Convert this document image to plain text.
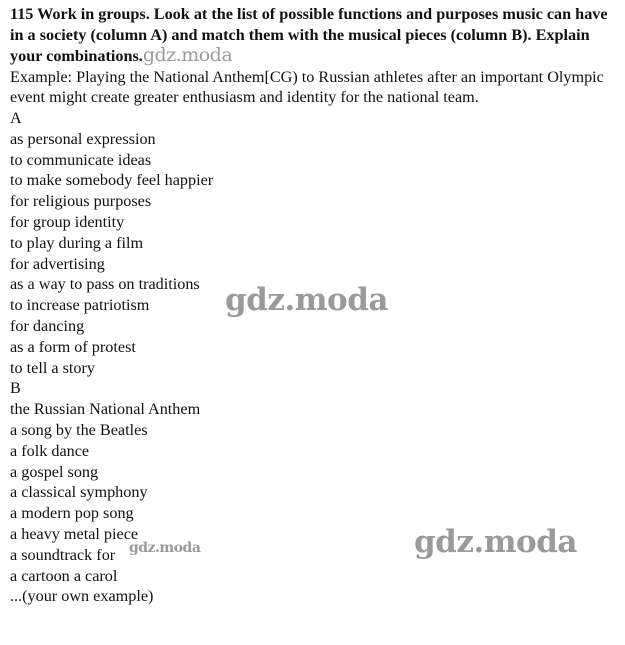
115 Work in groups. Look at the list of possible functions and purposes music can have in a society (column A) and match them with the musical pieces (column B). Explain your combinations.gdz.moda

Example: Playing the National Anthem[CG) to Russian athletes after an important Olympic event might create greater enthusiasm and identity for the national team.

A

as personal expression

to communicate ideas

to make somebody feel happier

for religious purposes

for group identity

to play during a film

for advertising

as a way to pass on traditions

to increase patriotism

for dancing

as a form of protest

to tell a story

B

the Russian National Anthem

a song by the Beatles

a folk dance

a gospel song

a classical symphony

a modern pop song

a heavy metal piece

a soundtrack for

a cartoon a carol

...(your own example)

gdz.moda
gdz.moda
gdz.moda
